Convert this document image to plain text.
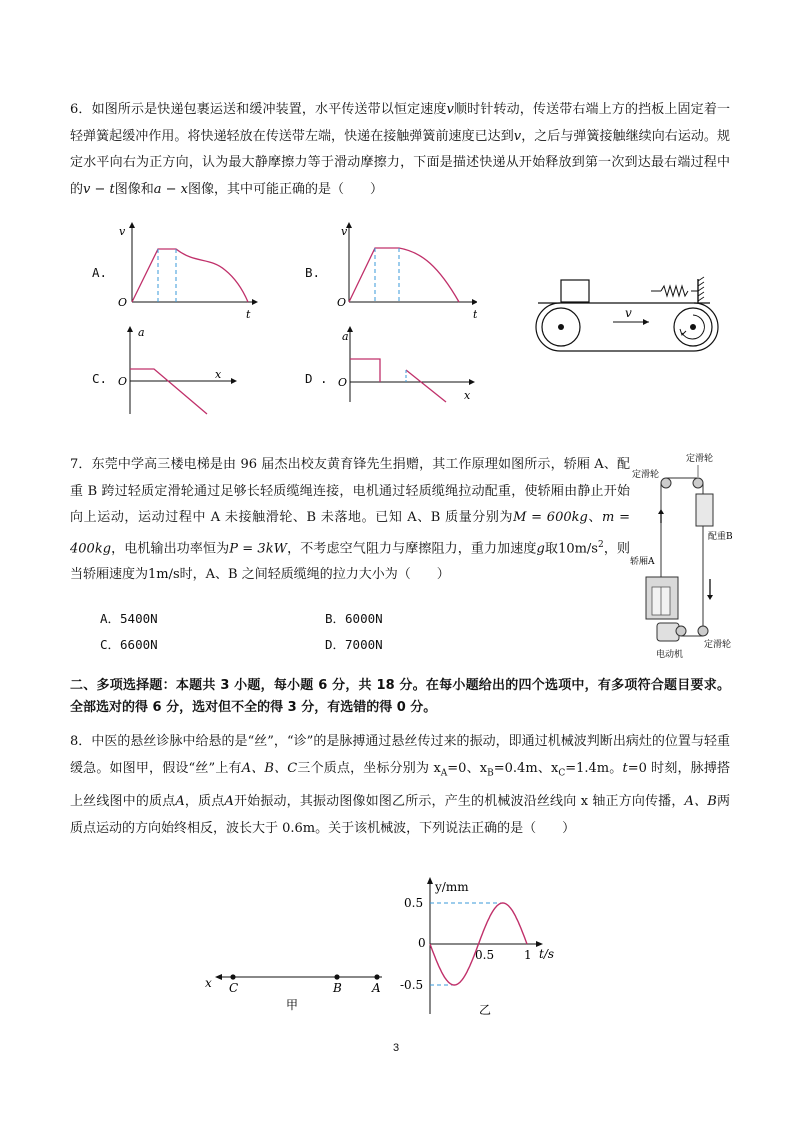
6．如图所示是快递包裹运送和缓冲装置，水平传送带以恒定速度v顺时针转动，传送带右端上方的挡板上固定着一轻弹簧起缓冲作用。将快递轻放在传送带左端，快递在接触弹簧前速度已达到v，之后与弹簧接触继续向右运动。规定水平向右为正方向，认为最大静摩擦力等于滑动摩擦力，下面是描述快递从开始释放到第一次到达最右端过程中的v − t图像和a − x图像，其中可能正确的是（　　）

A.	B.
C.	D .
v
O
t
v
O
t
a
O
x
a
O
x
v

7．东莞中学高三楼电梯是由 96 届杰出校友黄育锋先生捐赠，其工作原理如图所示，轿厢 A、配重 B 跨过轻质定滑轮通过足够长轻质缆绳连接，电机通过轻质缆绳拉动配重，使轿厢由静止开始向上运动，运动过程中 A 未接触滑轮、B 未落地。已知 A、B 质量分别为M = 600kg、m = 400kg，电机输出功率恒为P = 3kW，不考虑空气阻力与摩擦阻力，重力加速度g取$10m/s^2$，则当轿厢速度为1m/s时，A、B 之间轻质缆绳的拉力大小为（　　）

A．5400N	B．6000N
C．6600N	D．7000N
定滑轮
定滑轮
配重B
轿厢A
电动机
定滑轮

二、多项选择题：本题共 3 小题，每小题 6 分，共 18 分。在每小题给出的四个选项中，有多项符合题目要求。全部选对的得 6 分，选对但不全的得 3 分，有选错的得 0 分。

8．中医的悬丝诊脉中给悬的是“丝”，“诊”的是脉搏通过悬丝传过来的振动，即通过机械波判断出病灶的位置与轻重缓急。如图甲，假设“丝”上有A、B、C三个质点，坐标分别为 $x_A=0$、$x_B=0.4m$、$x_C=1.4m$。t=0 时刻，脉搏搭上丝线图中的质点A，质点A开始振动，其振动图像如图乙所示，产生的机械波沿丝线向 x 轴正方向传播，A、B两质点运动的方向始终相反，波长大于 0.6m。关于该机械波，下列说法正确的是（　　）

x C	B	A
甲
y/mm
t/s
0.5
0
-0.5
0.5 1
乙
3
